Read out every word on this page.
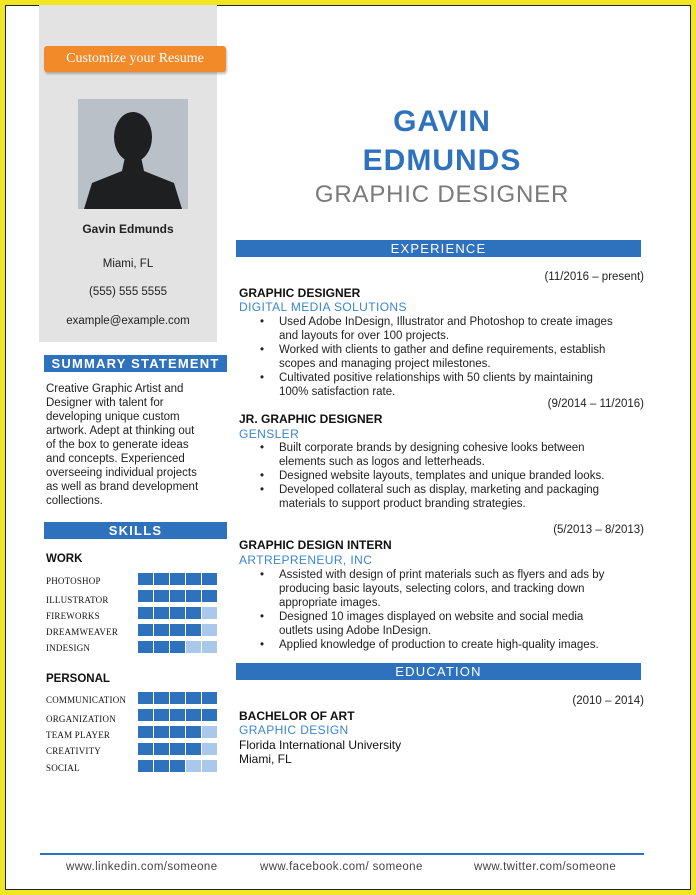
Customize your Resume
Gavin Edmunds
Miami, FL
(555) 555 5555
example@example.com
SUMMARY STATEMENT
Creative Graphic Artist and
Designer with talent for
developing unique custom
artwork. Adept at thinking out
of the box to generate ideas
and concepts. Experienced
overseeing individual projects
as well as brand development
collections.
SKILLS
WORK
PHOTOSHOP
ILLUSTRATOR
FIREWORKS
DREAMWEAVER
INDESIGN
PERSONAL
COMMUNICATION
ORGANIZATION
TEAM PLAYER
CREATIVITY
SOCIAL
GAVIN
EDMUNDS
GRAPHIC DESIGNER
EXPERIENCE
(11/2016 – present)
GRAPHIC DESIGNER
DIGITAL MEDIA SOLUTIONS
• Used Adobe InDesign, Illustrator and Photoshop to create images
and layouts for over 100 projects.
• Worked with clients to gather and define requirements, establish
scopes and managing project milestones.
• Cultivated positive relationships with 50 clients by maintaining
100% satisfaction rate.
(9/2014 – 11/2016)
JR. GRAPHIC DESIGNER
GENSLER
• Built corporate brands by designing cohesive looks between
elements such as logos and letterheads.
• Designed website layouts, templates and unique branded looks.
• Developed collateral such as display, marketing and packaging
materials to support product branding strategies.
(5/2013 – 8/2013)
GRAPHIC DESIGN INTERN
ARTREPRENEUR, INC
• Assisted with design of print materials such as flyers and ads by
producing basic layouts, selecting colors, and tracking down
appropriate images.
• Designed 10 images displayed on website and social media
outlets using Adobe InDesign.
• Applied knowledge of production to create high-quality images.
EDUCATION
(2010 – 2014)
BACHELOR OF ART
GRAPHIC DESIGN
Florida International University
Miami, FL
www.linkedin.com/someone	www.facebook.com/ someone	www.twitter.com/someone
